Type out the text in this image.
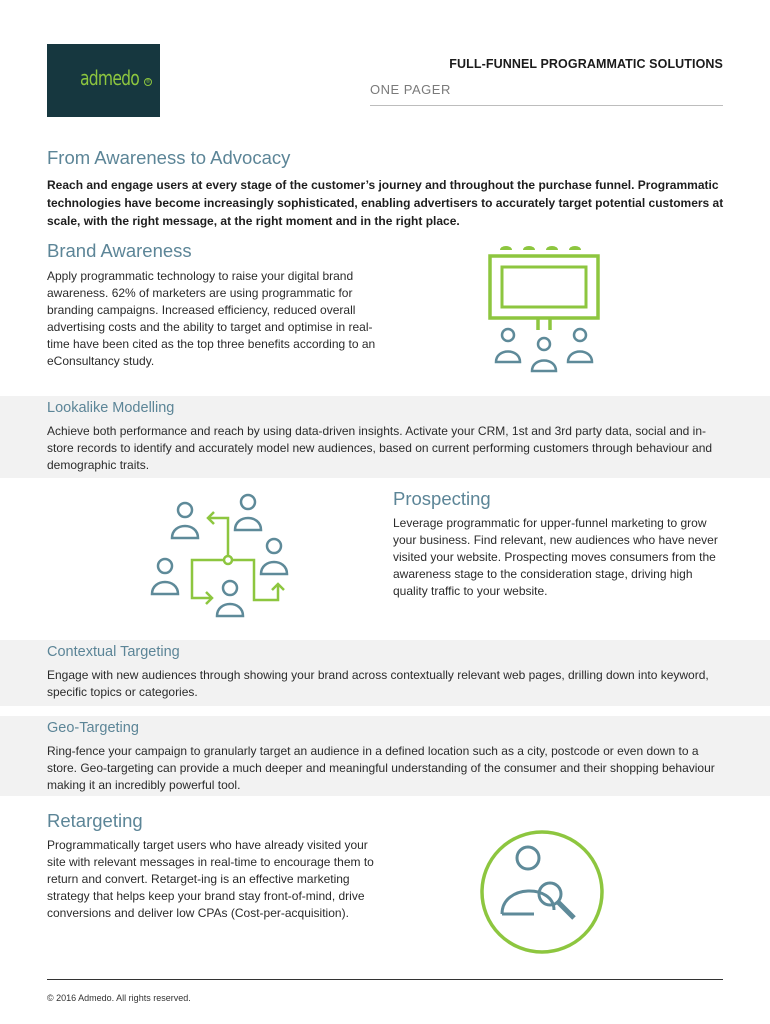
admedo	®
FULL-FUNNEL PROGRAMMATIC SOLUTIONS
ONE PAGER
From Awareness to Advocacy

Reach and engage users at every stage of the customer’s journey and throughout the purchase funnel. Programmatic technologies have become increasingly sophisticated, enabling advertisers to accurately target potential customers at scale, with the right message, at the right moment and in the right place.

Brand Awareness

Apply programmatic technology to raise your digital brand awareness. 62% of marketers are using programmatic for branding campaigns. Increased efficiency, reduced overall advertising costs and the ability to target and optimise in real-time have been cited as the top three benefits according to an eConsultancy study.

Lookalike Modelling

Achieve both performance and reach by using data-driven insights. Activate your CRM, 1st and 3rd party data, social and in-store records to identify and accurately model new audiences, based on current performing customers through behaviour and demographic traits.

Prospecting

Leverage programmatic for upper-funnel marketing to grow your business. Find relevant, new audiences who have never visited your website. Prospecting moves consumers from the awareness stage to the consideration stage, driving high quality traffic to your website.

Contextual Targeting

Engage with new audiences through showing your brand across contextually relevant web pages, drilling down into keyword, specific topics or categories.

Geo-Targeting

Ring-fence your campaign to granularly target an audience in a defined location such as a city, postcode or even down to a store. Geo-targeting can provide a much deeper and meaningful understanding of the consumer and their shopping behaviour making it an incredibly powerful tool.

Retargeting

Programmatically target users who have already visited your site with relevant messages in real-time to encourage them to return and convert. Retarget-ing is an effective marketing strategy that helps keep your brand stay front-of-mind, drive conversions and deliver low CPAs (Cost-per-acquisition).

© 2016 Admedo. All rights reserved.
